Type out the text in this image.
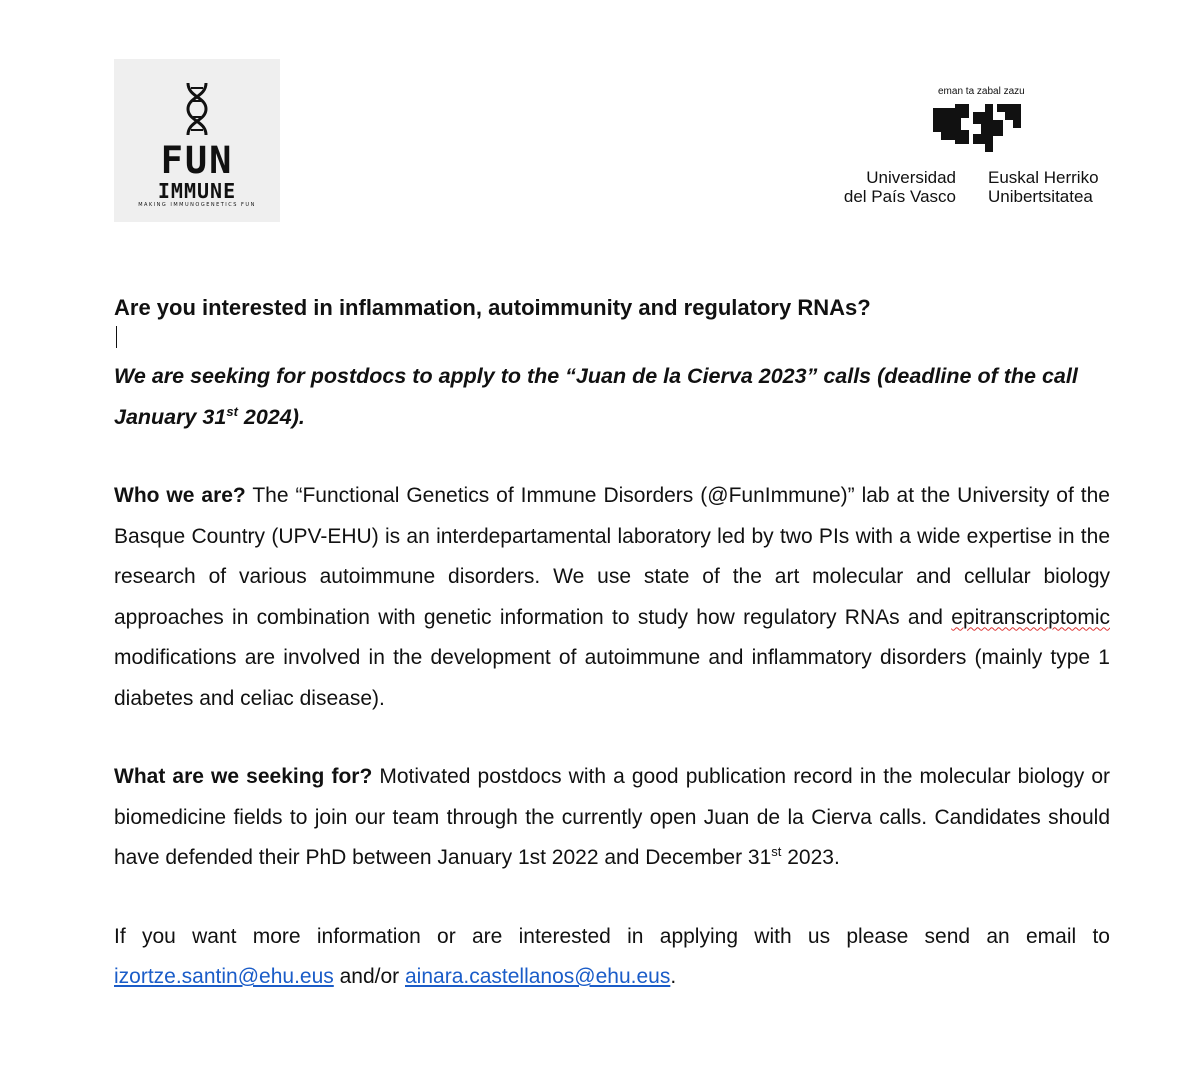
FUN
IMMUNE
MAKING IMMUNOGENETICS FUN
eman ta zabal zazu
Universidad
del País Vasco
Euskal Herriko
Unibertsitatea

Are you interested in inflammation, autoimmunity and regulatory RNAs?

We are seeking for postdocs to apply to the “Juan de la Cierva 2023” calls (deadline of the call January 31st 2024).

Who we are? The “Functional Genetics of Immune Disorders (@FunImmune)” lab at the University of the Basque Country (UPV-EHU) is an interdepartamental laboratory led by two PIs with a wide expertise in the research of various autoimmune disorders. We use state of the art molecular and cellular biology approaches in combination with genetic information to study how regulatory RNAs and epitranscriptomic modifications are involved in the development of autoimmune and inflammatory disorders (mainly type 1 diabetes and celiac disease).

What are we seeking for? Motivated postdocs with a good publication record in the molecular biology or biomedicine fields to join our team through the currently open Juan de la Cierva calls. Candidates should have defended their PhD between January 1st 2022 and December 31st 2023.

If you want more information or are interested in applying with us please send an email to izortze.santin@ehu.eus and/or ainara.castellanos@ehu.eus.
